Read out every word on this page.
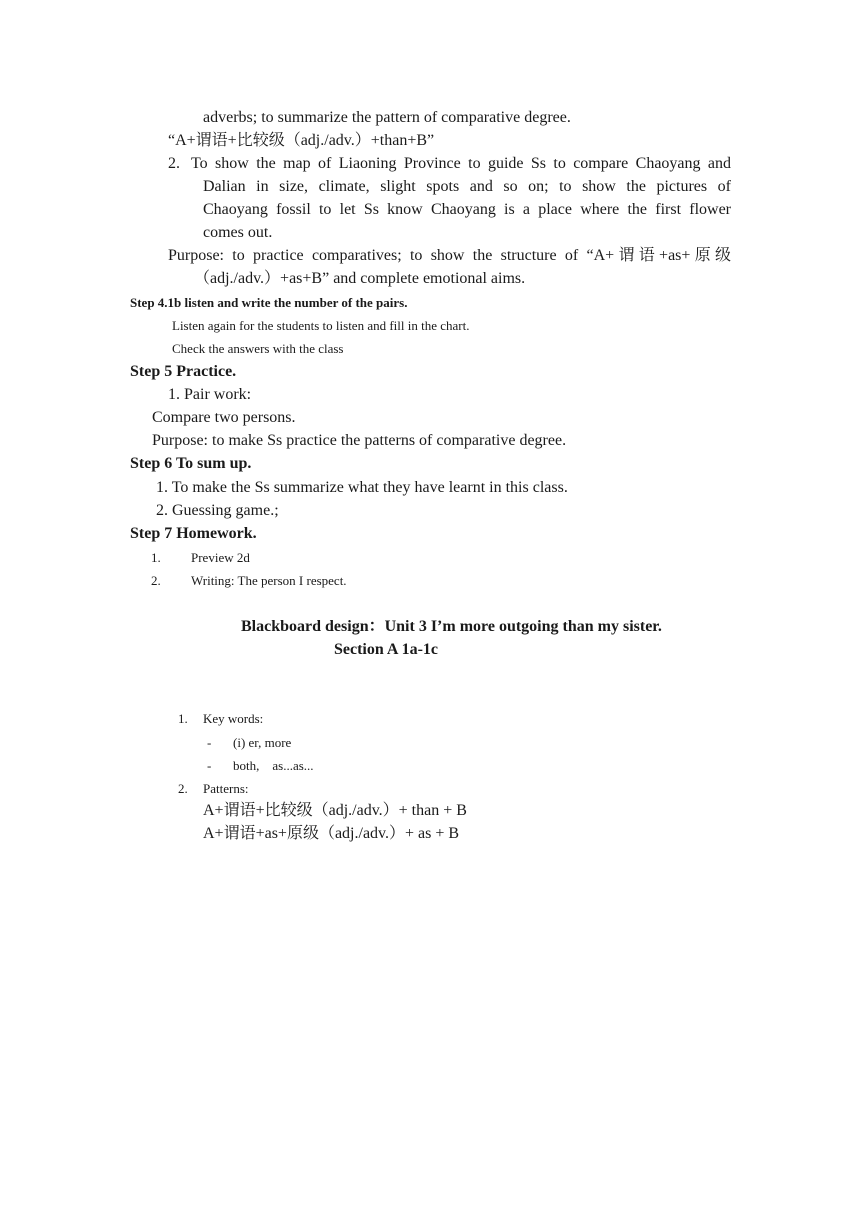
adverbs; to summarize the pattern of comparative degree.
“A+谓语+比较级（adj./adv.）+than+B”
2. To show the map of Liaoning Province to guide Ss to compare Chaoyang and
Dalian in size, climate, slight spots and so on; to show the pictures of
Chaoyang fossil to let Ss know Chaoyang is a place where the first flower
comes out.
Purpose: to practice comparatives; to show the structure of “A+谓语+as+原级
（adj./adv.）+as+B” and complete emotional aims.
Step 4.1b listen and write the number of the pairs.
Listen again for the students to listen and fill in the chart.
Check the answers with the class
Step 5 Practice.
1. Pair work:
Compare two persons.
Purpose: to make Ss practice the patterns of comparative degree.
Step 6 To sum up.
1. To make the Ss summarize what they have learnt in this class.
2. Guessing game.;
Step 7 Homework.
1. Preview 2d
2. Writing: The person I respect.
Blackboard design：Unit 3 I’m more outgoing than my sister.
Section A 1a-1c
1. Key words:
- (i) er, more
- both,    as...as...
2. Patterns:
A+谓语+比较级（adj./adv.）+ than + B
A+谓语+as+原级（adj./adv.）+ as + B
